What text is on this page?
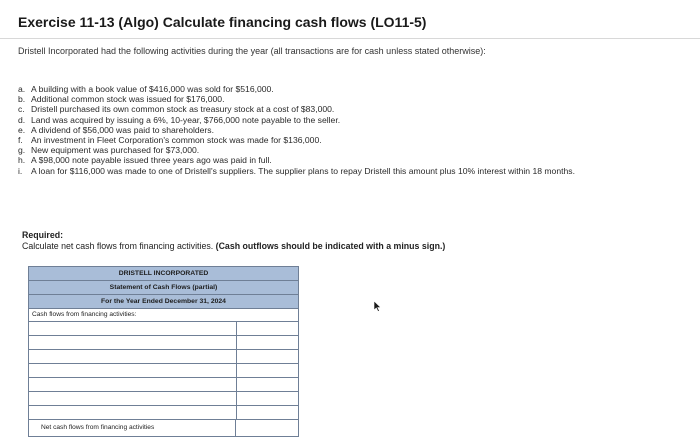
Exercise 11-13 (Algo) Calculate financing cash flows (LO11-5)
Dristell Incorporated had the following activities during the year (all transactions are for cash unless stated otherwise):
a. A building with a book value of $416,000 was sold for $516,000.
b. Additional common stock was issued for $176,000.
c. Dristell purchased its own common stock as treasury stock at a cost of $83,000.
d. Land was acquired by issuing a 6%, 10-year, $766,000 note payable to the seller.
e. A dividend of $56,000 was paid to shareholders.
f. An investment in Fleet Corporation's common stock was made for $136,000.
g. New equipment was purchased for $73,000.
h. A $98,000 note payable issued three years ago was paid in full.
i.	A loan for $116,000 was made to one of Dristell's suppliers. The supplier plans to repay Dristell this amount plus 10% interest within 18 months.
Required:
Calculate net cash flows from financing activities. (Cash outflows should be indicated with a minus sign.)
DRISTELL INCORPORATED
Statement of Cash Flows (partial)
For the Year Ended December 31, 2024
Cash flows from financing activities:
Net cash flows from financing activities
